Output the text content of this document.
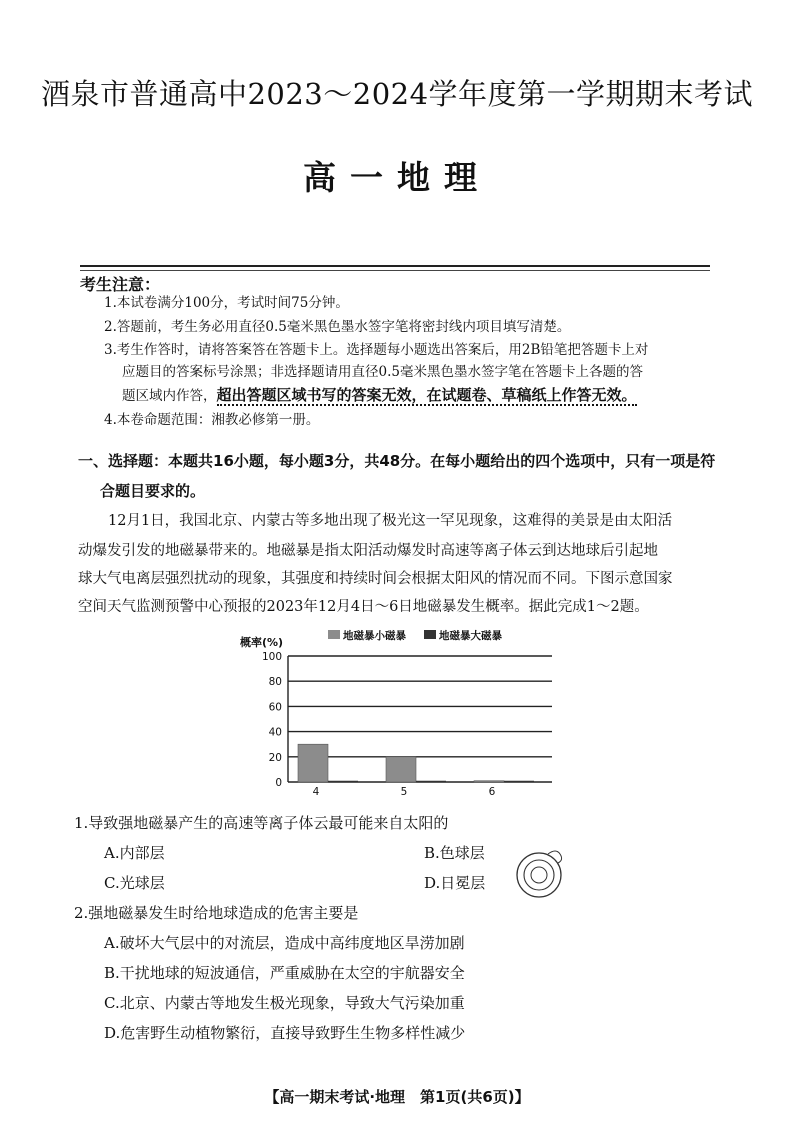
酒泉市普通高中2023～2024学年度第一学期期末考试
高一地理
考生注意：
1.本试卷满分100分，考试时间75分钟。
2.答题前，考生务必用直径0.5毫米黑色墨水签字笔将密封线内项目填写清楚。
3.考生作答时，请将答案答在答题卡上。选择题每小题选出答案后，用2B铅笔把答题卡上对
应题目的答案标号涂黑；非选择题请用直径0.5毫米黑色墨水签字笔在答题卡上各题的答
题区域内作答，超出答题区域书写的答案无效，在试题卷、草稿纸上作答无效。
4.本卷命题范围：湘教必修第一册。
一、选择题：本题共16小题，每小题3分，共48分。在每小题给出的四个选项中，只有一项是符
合题目要求的。
12月1日，我国北京、内蒙古等多地出现了极光这一罕见现象，这难得的美景是由太阳活
动爆发引发的地磁暴带来的。地磁暴是指太阳活动爆发时高速等离子体云到达地球后引起地
球大气电离层强烈扰动的现象，其强度和持续时间会根据太阳风的情况而不同。下图示意国家
空间天气监测预警中心预报的2023年12月4日～6日地磁暴发生概率。据此完成1～2题。
概率(%)	地磁暴小磁暴	地磁暴大磁暴
0
20
40
60
80
100
4	5	6
1.导致强地磁暴产生的高速等离子体云最可能来自太阳的
A.内部层	B.色球层
C.光球层	D.日冕层
2.强地磁暴发生时给地球造成的危害主要是
A.破坏大气层中的对流层，造成中高纬度地区旱涝加剧
B.干扰地球的短波通信，严重威胁在太空的宇航器安全
C.北京、内蒙古等地发生极光现象，导致大气污染加重
D.危害野生动植物繁衍，直接导致野生生物多样性减少
【高一期末考试·地理　第1页(共6页)】
